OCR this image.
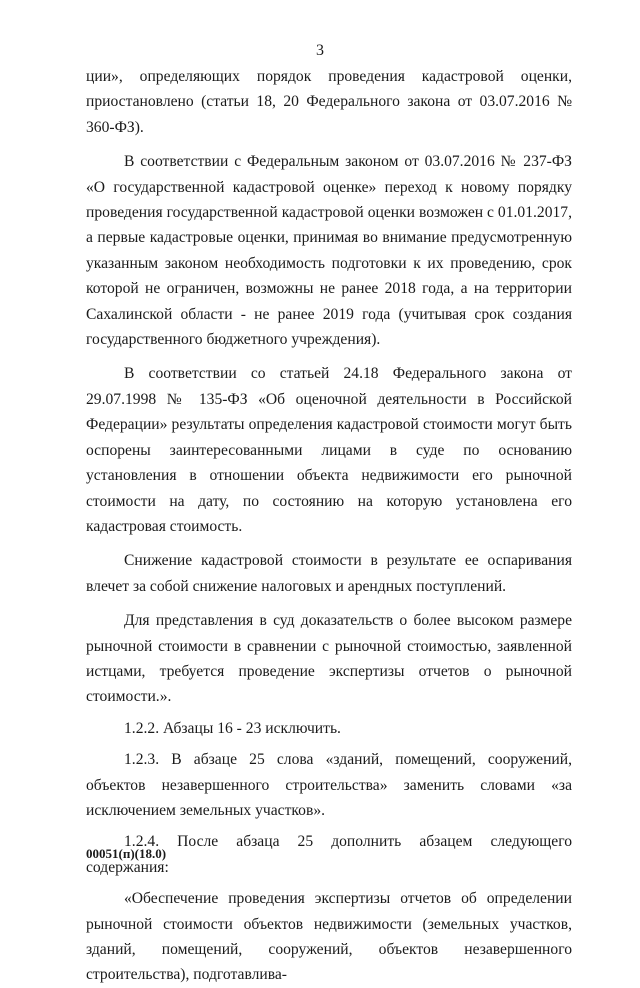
3

ции», определяющих порядок проведения кадастровой оценки, приостановлено (статьи 18, 20 Федерального закона от 03.07.2016 № 360-ФЗ).

В соответствии с Федеральным законом от 03.07.2016 № 237-ФЗ «О государственной кадастровой оценке» переход к новому порядку проведения государственной кадастровой оценки возможен с 01.01.2017, а первые кадастровые оценки, принимая во внимание предусмотренную указанным законом необходимость подготовки к их проведению, срок которой не ограничен, возможны не ранее 2018 года, а на территории Сахалинской области - не ранее 2019 года (учитывая срок создания государственного бюджетного учреждения).

В соответствии со статьей 24.18 Федерального закона от 29.07.1998 № 135-ФЗ «Об оценочной деятельности в Российской Федерации» результаты определения кадастровой стоимости могут быть оспорены заинтересованными лицами в суде по основанию установления в отношении объекта недвижимости его рыночной стоимости на дату, по состоянию на которую установлена его кадастровая стоимость.

Снижение кадастровой стоимости в результате ее оспаривания влечет за собой снижение налоговых и арендных поступлений.

Для представления в суд доказательств о более высоком размере рыночной стоимости в сравнении с рыночной стоимостью, заявленной истцами, требуется проведение экспертизы отчетов о рыночной стоимости.».

1.2.2. Абзацы 16 - 23 исключить.

1.2.3. В абзаце 25 слова «зданий, помещений, сооружений, объектов незавершенного строительства» заменить словами «за исключением земельных участков».

1.2.4. После абзаца 25 дополнить абзацем следующего содержания:

«Обеспечение проведения экспертизы отчетов об определении рыночной стоимости объектов недвижимости (земельных участков, зданий, помещений, сооружений, объектов незавершенного строительства), подготавлива-

00051(п)(18.0)
